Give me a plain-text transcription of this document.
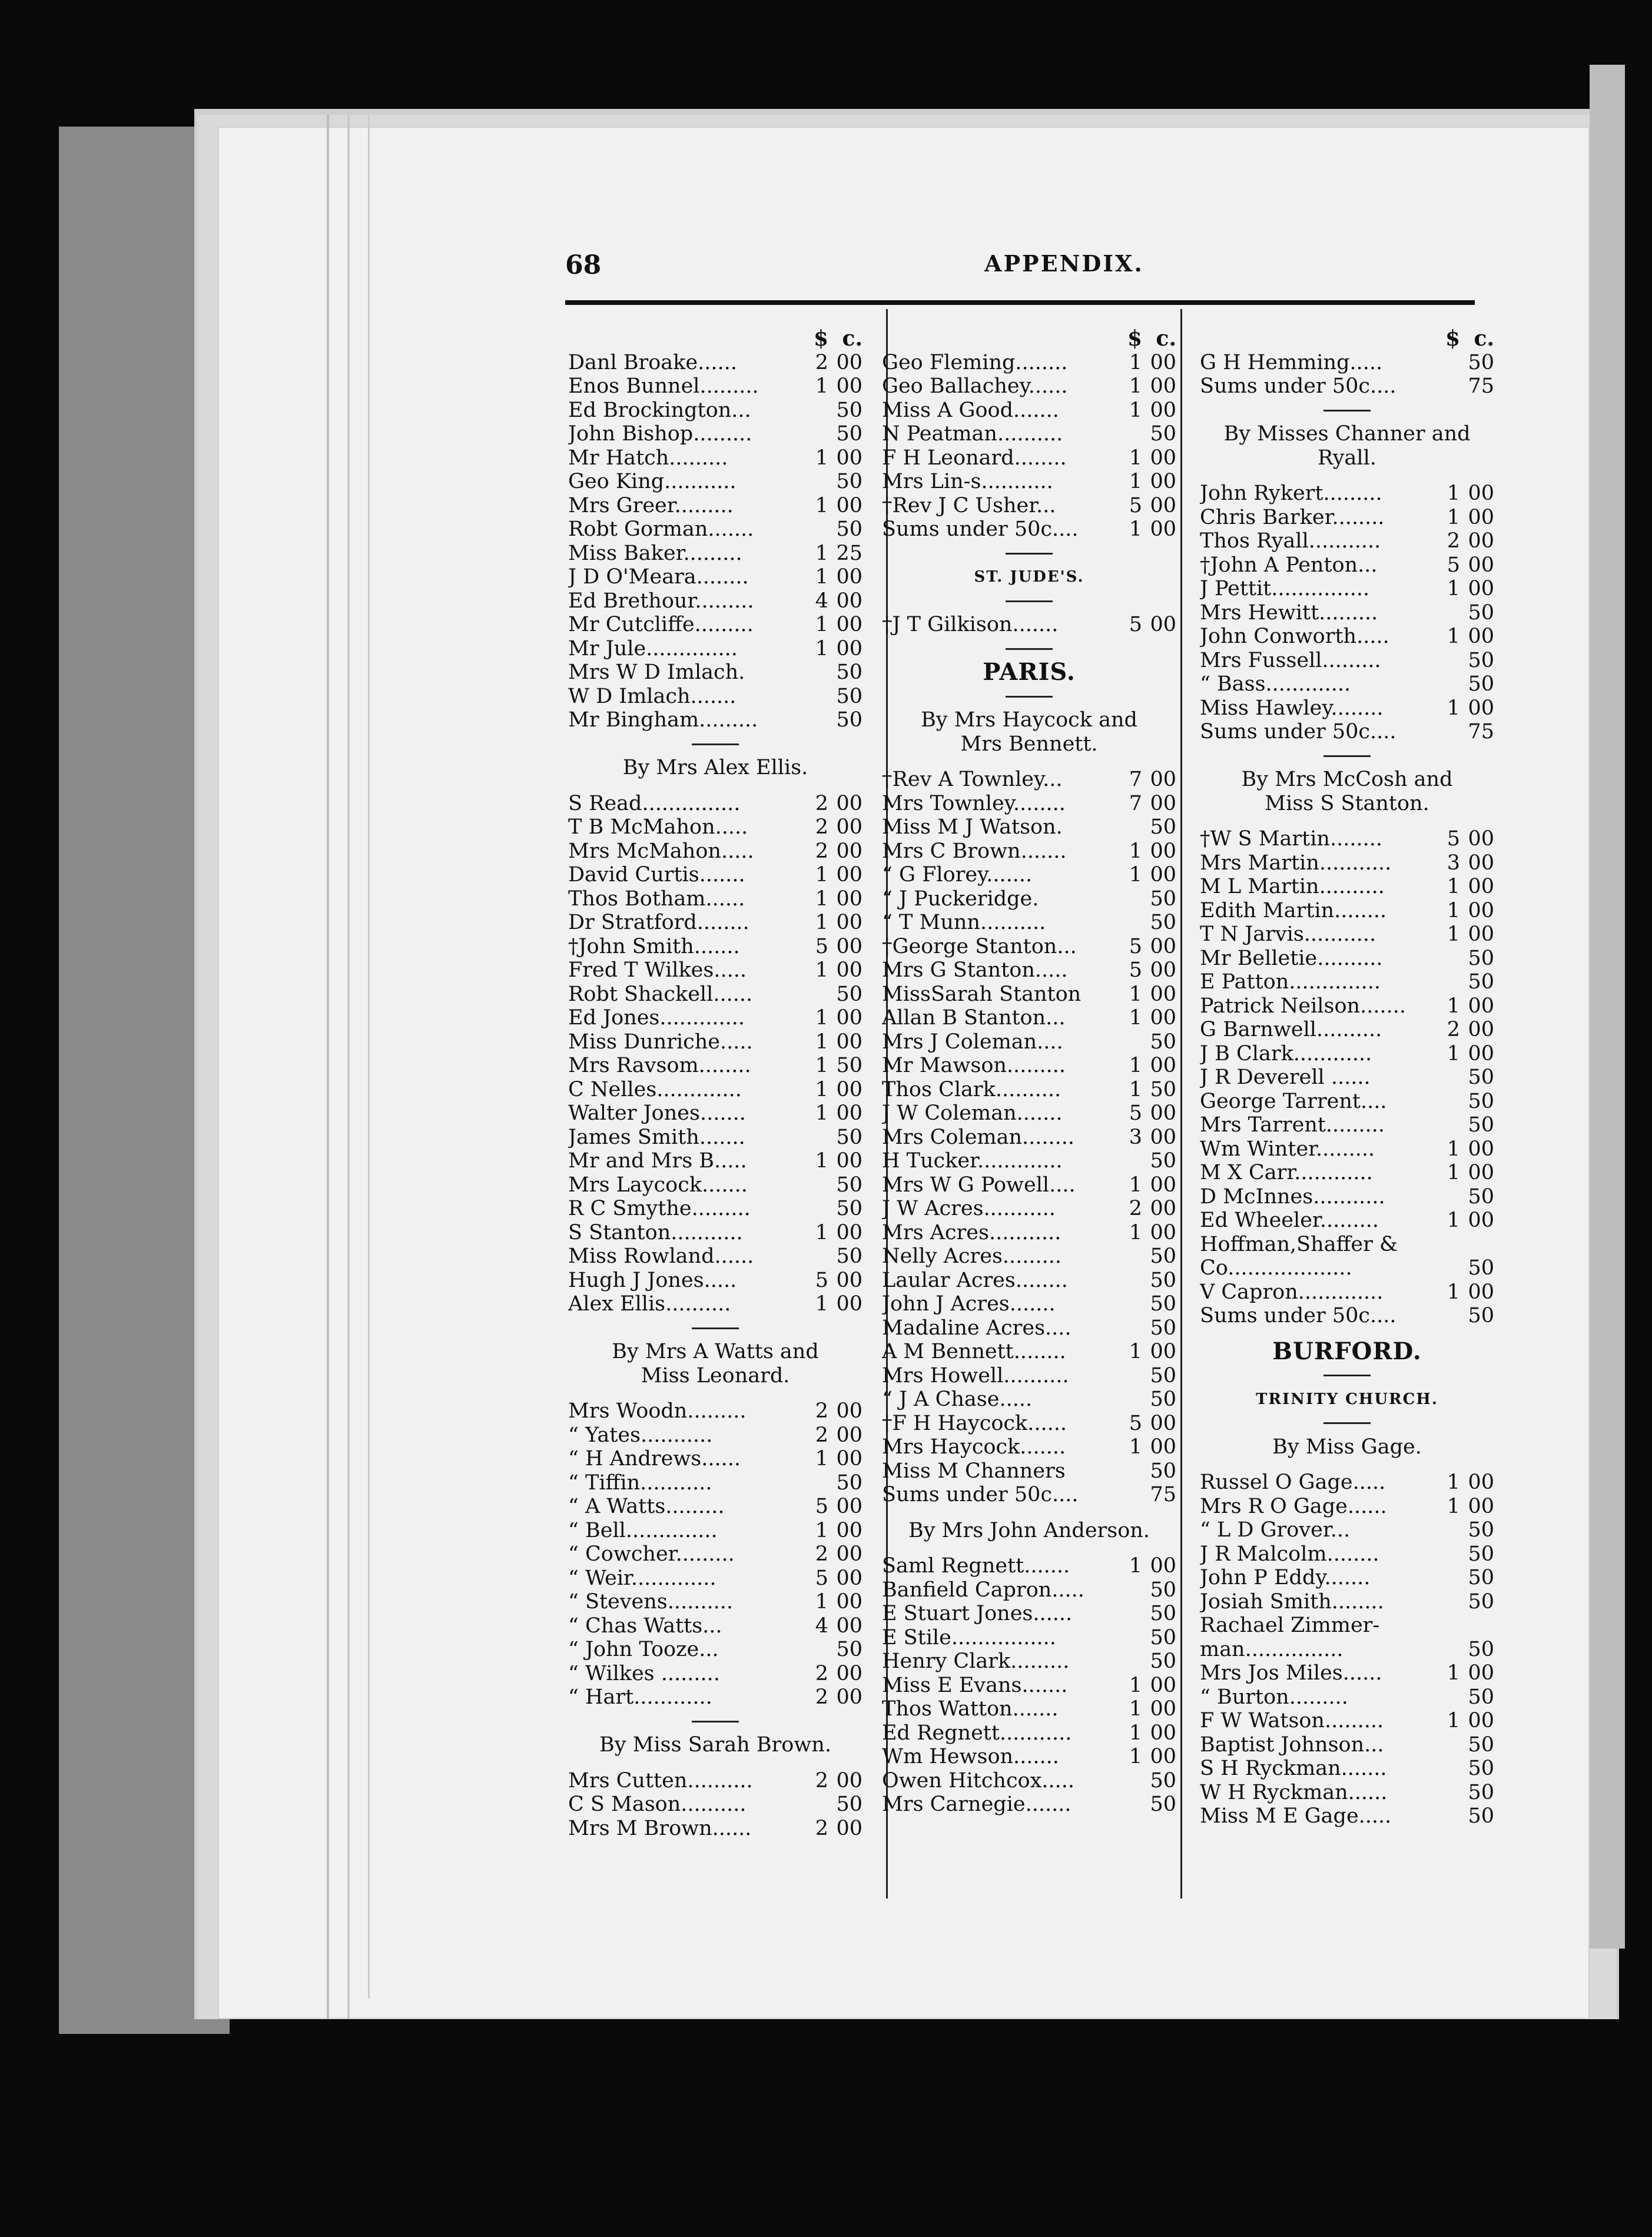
68	APPENDIX.
$ c.
Danl Broake......	2 00
Enos Bunnel.........	1 00
Ed Brockington...	50
John Bishop.........	50
Mr Hatch.........	1 00
Geo King...........	50
Mrs Greer.........	1 00
Robt Gorman.......	50
Miss Baker.........	1 25
J D O'Meara........	1 00
Ed Brethour.........	4 00
Mr Cutcliffe.........	1 00
Mr Jule..............	1 00
Mrs W D Imlach.	50
W D Imlach.......	50
Mr Bingham.........	50
By Mrs Alex Ellis.
S Read...............	2 00
T B McMahon.....	2 00
Mrs McMahon.....	2 00
David Curtis.......	1 00
Thos Botham......	1 00
Dr Stratford........	1 00
†John Smith.......	5 00
Fred T Wilkes.....	1 00
Robt Shackell......	50
Ed Jones.............	1 00
Miss Dunriche.....	1 00
Mrs Ravsom........	1 50
C Nelles.............	1 00
Walter Jones.......	1 00
James Smith.......	50
Mr and Mrs B.....	1 00
Mrs Laycock.......	50
R C Smythe.........	50
S Stanton...........	1 00
Miss Rowland......	50
Hugh J Jones.....	5 00
Alex Ellis..........	1 00
By Mrs A Watts and
Miss Leonard.
Mrs Woodn.........	2 00
“ Yates...........	2 00
“ H Andrews......	1 00
“ Tiffin...........	50
“ A Watts.........	5 00
“ Bell..............	1 00
“ Cowcher.........	2 00
“ Weir.............	5 00
“ Stevens..........	1 00
“ Chas Watts...	4 00
“ John Tooze...	50
“ Wilkes .........	2 00
“ Hart............	2 00
By Miss Sarah Brown.
Mrs Cutten..........	2 00
C S Mason..........	50
Mrs M Brown......	2 00
$ c.
Geo Fleming........	1 00
Geo Ballachey......	1 00
Miss A Good.......	1 00
N Peatman..........	50
F H Leonard........	1 00
Mrs Lin-s...........	1 00
†Rev J C Usher...	5 00
Sums under 50c....	1 00
ST. JUDE'S.
†J T Gilkison.......	5 00
PARIS.
By Mrs Haycock and
Mrs Bennett.
†Rev A Townley...	7 00
Mrs Townley........	7 00
Miss M J Watson.	50
Mrs C Brown.......	1 00
“ G Florey.......	1 00
“ J Puckeridge.	50
“ T Munn..........	50
†George Stanton...	5 00
Mrs G Stanton.....	5 00
MissSarah Stanton	1 00
Allan B Stanton...	1 00
Mrs J Coleman....	50
Mr Mawson.........	1 00
Thos Clark..........	1 50
J W Coleman.......	5 00
Mrs Coleman........	3 00
H Tucker.............	50
Mrs W G Powell....	1 00
J W Acres...........	2 00
Mrs Acres...........	1 00
Nelly Acres.........	50
Laular Acres........	50
John J Acres.......	50
Madaline Acres....	50
A M Bennett........	1 00
Mrs Howell..........	50
“ J A Chase.....	50
†F H Haycock......	5 00
Mrs Haycock.......	1 00
Miss M Channers	50
Sums under 50c....	75
By Mrs John Anderson.
Saml Regnett.......	1 00
Banfield Capron.....	50
E Stuart Jones......	50
E Stile................	50
Henry Clark.........	50
Miss E Evans.......	1 00
Thos Watton.......	1 00
Ed Regnett...........	1 00
Wm Hewson.......	1 00
Owen Hitchcox.....	50
Mrs Carnegie.......	50
$ c.
G H Hemming.....	50
Sums under 50c....	75
By Misses Channer and
Ryall.
John Rykert.........	1 00
Chris Barker........	1 00
Thos Ryall...........	2 00
†John A Penton...	5 00
J Pettit...............	1 00
Mrs Hewitt.........	50
John Conworth.....	1 00
Mrs Fussell.........	50
“ Bass.............	50
Miss Hawley........	1 00
Sums under 50c....	75
By Mrs McCosh and
Miss S Stanton.
†W S Martin........	5 00
Mrs Martin...........	3 00
M L Martin..........	1 00
Edith Martin........	1 00
T N Jarvis...........	1 00
Mr Belletie..........	50
E Patton..............	50
Patrick Neilson.......	1 00
G Barnwell..........	2 00
J B Clark............	1 00
J R Deverell ......	50
George Tarrent....	50
Mrs Tarrent.........	50
Wm Winter.........	1 00
M X Carr............	1 00
D McInnes...........	50
Ed Wheeler.........	1 00
Hoffman,Shaffer &
Co...................	50
V Capron.............	1 00
Sums under 50c....	50
BURFORD.
TRINITY CHURCH.
By Miss Gage.
Russel O Gage.....	1 00
Mrs R O Gage......	1 00
“ L D Grover...	50
J R Malcolm........	50
John P Eddy.......	50
Josiah Smith........	50
Rachael Zimmer-
man...............	50
Mrs Jos Miles......	1 00
“ Burton.........	50
F W Watson.........	1 00
Baptist Johnson...	50
S H Ryckman.......	50
W H Ryckman......	50
Miss M E Gage.....	50
